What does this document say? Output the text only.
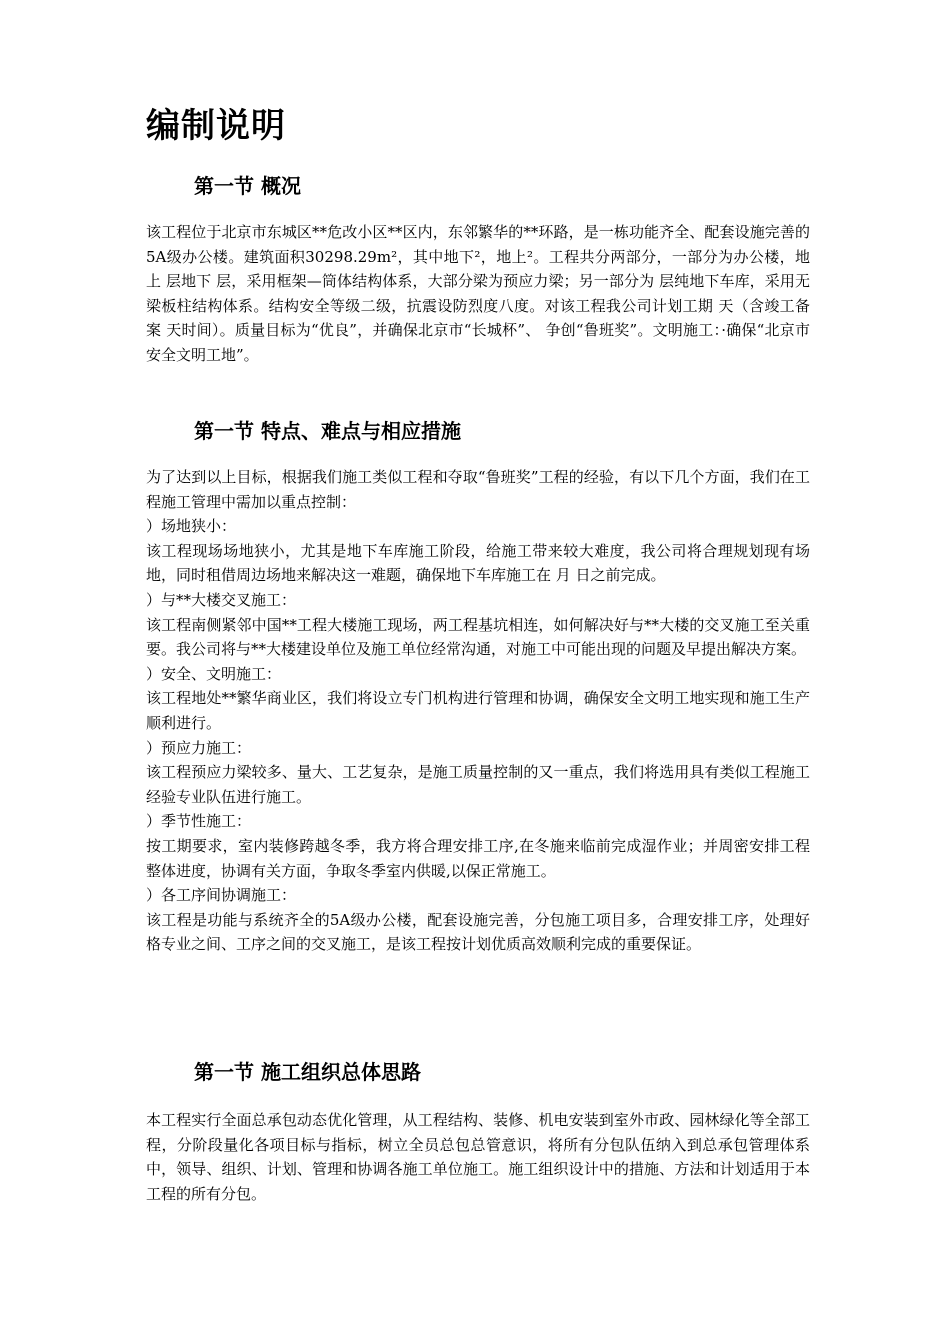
编制说明
第一节 概况

该工程位于北京市东城区**危改小区**区内，东邻繁华的**环路，是一栋功能齐全、配套设施完善的5A级办公楼。建筑面积30298.29m²，其中地下²，地上²。工程共分两部分，一部分为办公楼，地上 层地下 层，采用框架—筒体结构体系，大部分梁为预应力梁；另一部分为 层纯地下车库，采用无梁板柱结构体系。结构安全等级二级，抗震设防烈度八度。对该工程我公司计划工期 天（含竣工备案 天时间）。质量目标为“优良”，并确保北京市“长城杯”、 争创“鲁班奖”。文明施工：·确保“北京市安全文明工地”。

第一节 特点、难点与相应措施

为了达到以上目标，根据我们施工类似工程和夺取“鲁班奖”工程的经验，有以下几个方面，我们在工程施工管理中需加以重点控制：

）场地狭小：

该工程现场场地狭小，尤其是地下车库施工阶段，给施工带来较大难度，我公司将合理规划现有场地，同时租借周边场地来解决这一难题，确保地下车库施工在 月 日之前完成。

）与**大楼交叉施工：

该工程南侧紧邻中国**工程大楼施工现场，两工程基坑相连，如何解决好与**大楼的交叉施工至关重要。我公司将与**大楼建设单位及施工单位经常沟通，对施工中可能出现的问题及早提出解决方案。

）安全、文明施工：

该工程地处**繁华商业区，我们将设立专门机构进行管理和协调，确保安全文明工地实现和施工生产顺利进行。

）预应力施工：

该工程预应力梁较多、量大、工艺复杂，是施工质量控制的又一重点，我们将选用具有类似工程施工经验专业队伍进行施工。

）季节性施工：

按工期要求，室内装修跨越冬季，我方将合理安排工序,在冬施来临前完成湿作业；并周密安排工程整体进度，协调有关方面，争取冬季室内供暖,以保正常施工。

）各工序间协调施工：

该工程是功能与系统齐全的5A级办公楼，配套设施完善，分包施工项目多，合理安排工序，处理好格专业之间、工序之间的交叉施工，是该工程按计划优质高效顺利完成的重要保证。

第一节 施工组织总体思路

本工程实行全面总承包动态优化管理，从工程结构、装修、机电安装到室外市政、园林绿化等全部工程，分阶段量化各项目标与指标，树立全员总包总管意识，将所有分包队伍纳入到总承包管理体系中，领导、组织、计划、管理和协调各施工单位施工。施工组织设计中的措施、方法和计划适用于本工程的所有分包。
